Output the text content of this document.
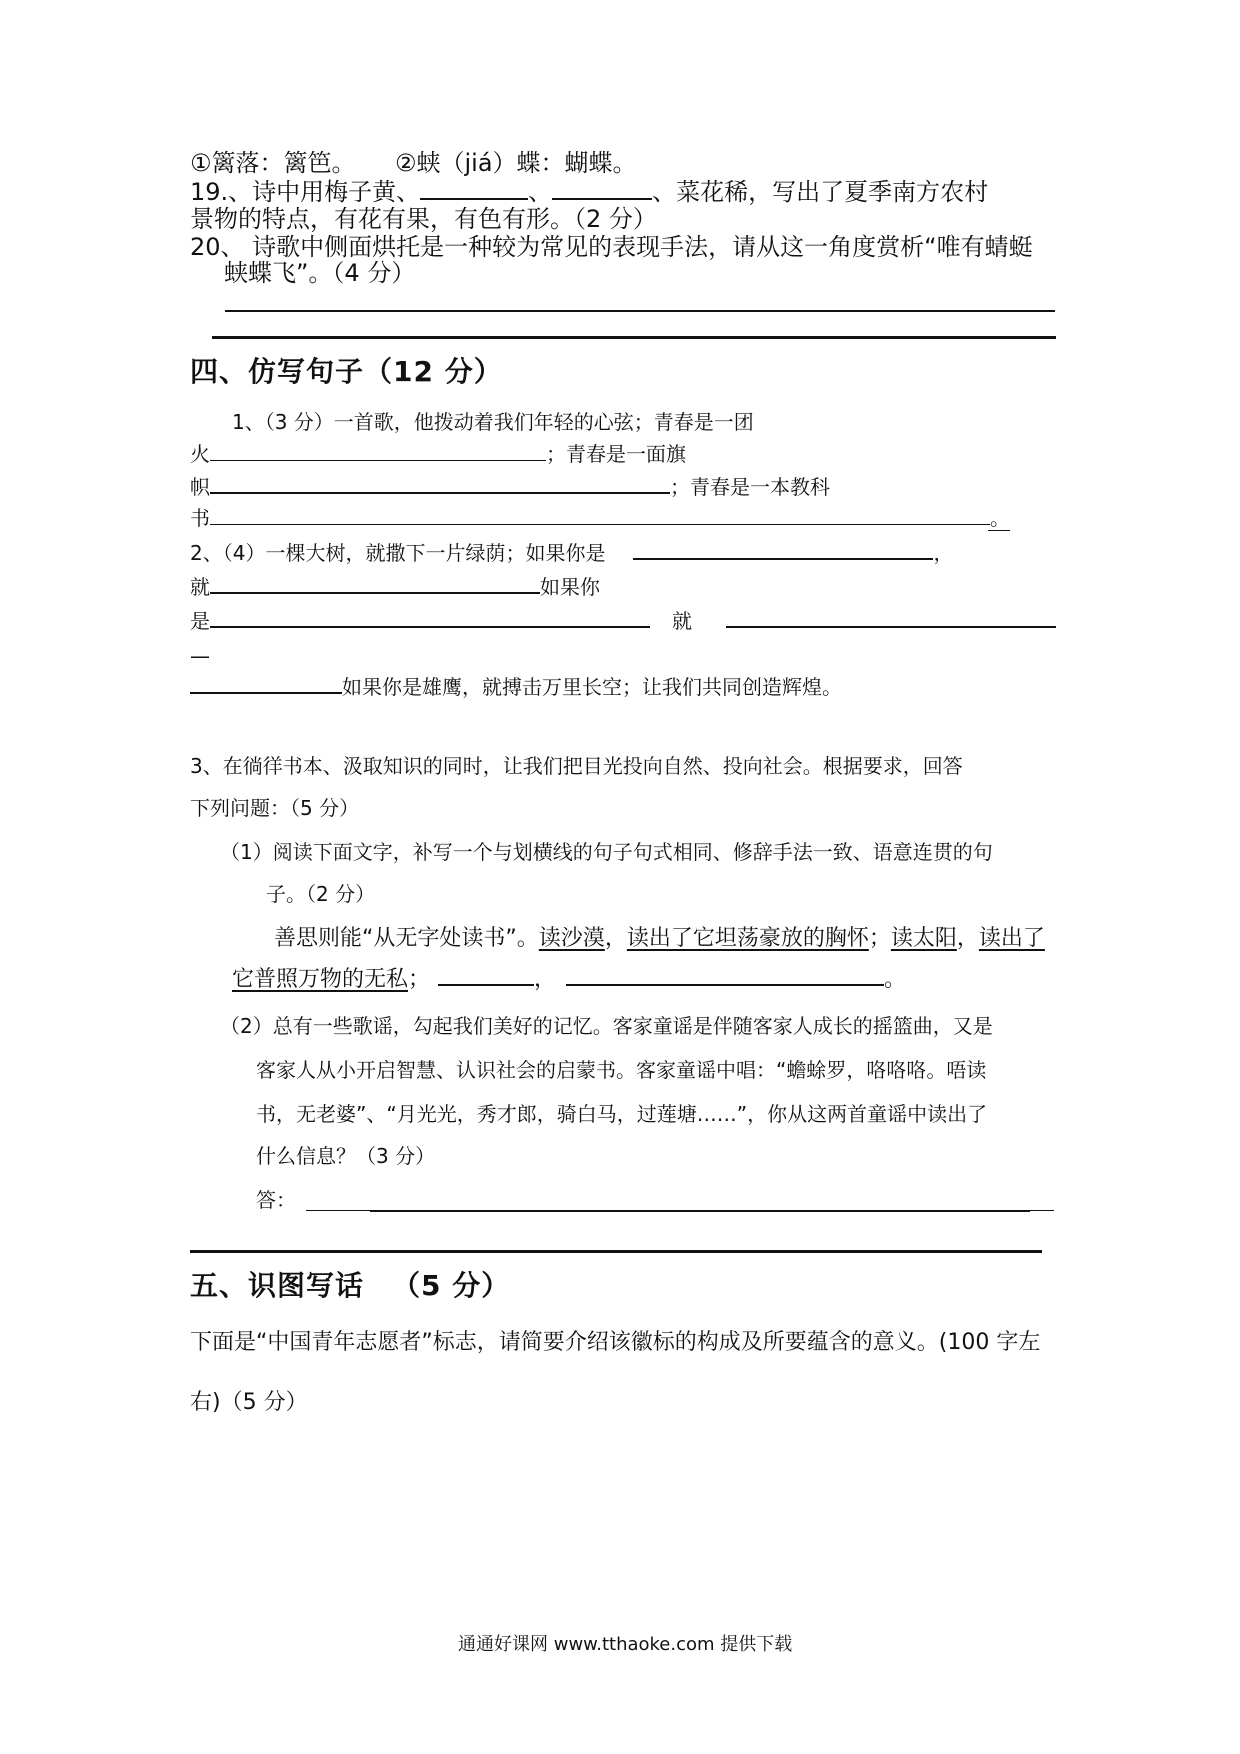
①篱落：篱笆。 ②蛱（jiá）蝶：蝴蝶。
19.、诗中用梅子黄、	、	、菜花稀，写出了夏季南方农村
景物的特点，有花有果，有色有形。（2 分）
20、 诗歌中侧面烘托是一种较为常见的表现手法，请从这一角度赏析“唯有蜻蜓
蛱蝶飞”。（4 分）
四、仿写句子（12 分）
1、（3 分）一首歌，他拨动着我们年轻的心弦；青春是一团
火	；青春是一面旗
帜	；青春是一本教科
书	。
2、（4）一棵大树，就撒下一片绿荫；如果你是	，
就	如果你
是	就
—
如果你是雄鹰，就搏击万里长空；让我们共同创造辉煌。
3、在徜徉书本、汲取知识的同时，让我们把目光投向自然、投向社会。根据要求，回答
下列问题：（5 分）
（1）阅读下面文字，补写一个与划横线的句子句式相同、修辞手法一致、语意连贯的句
子。（2 分）
善思则能“从无字处读书”。读沙漠，读出了它坦荡豪放的胸怀；读太阳，读出了
它普照万物的无私；	，	。
（2）总有一些歌谣，勾起我们美好的记忆。客家童谣是伴随客家人成长的摇篮曲，又是
客家人从小开启智慧、认识社会的启蒙书。客家童谣中唱：“蟾蜍罗，咯咯咯。唔读
书，无老婆”、“月光光，秀才郎，骑白马，过莲塘……”，你从这两首童谣中读出了
什么信息？（3 分）
答：
五、识图写话 （5 分）
下面是“中国青年志愿者”标志，请简要介绍该徽标的构成及所要蕴含的意义。(100 字左
右)（5 分）
通通好课网 www.tthaoke.com 提供下载
